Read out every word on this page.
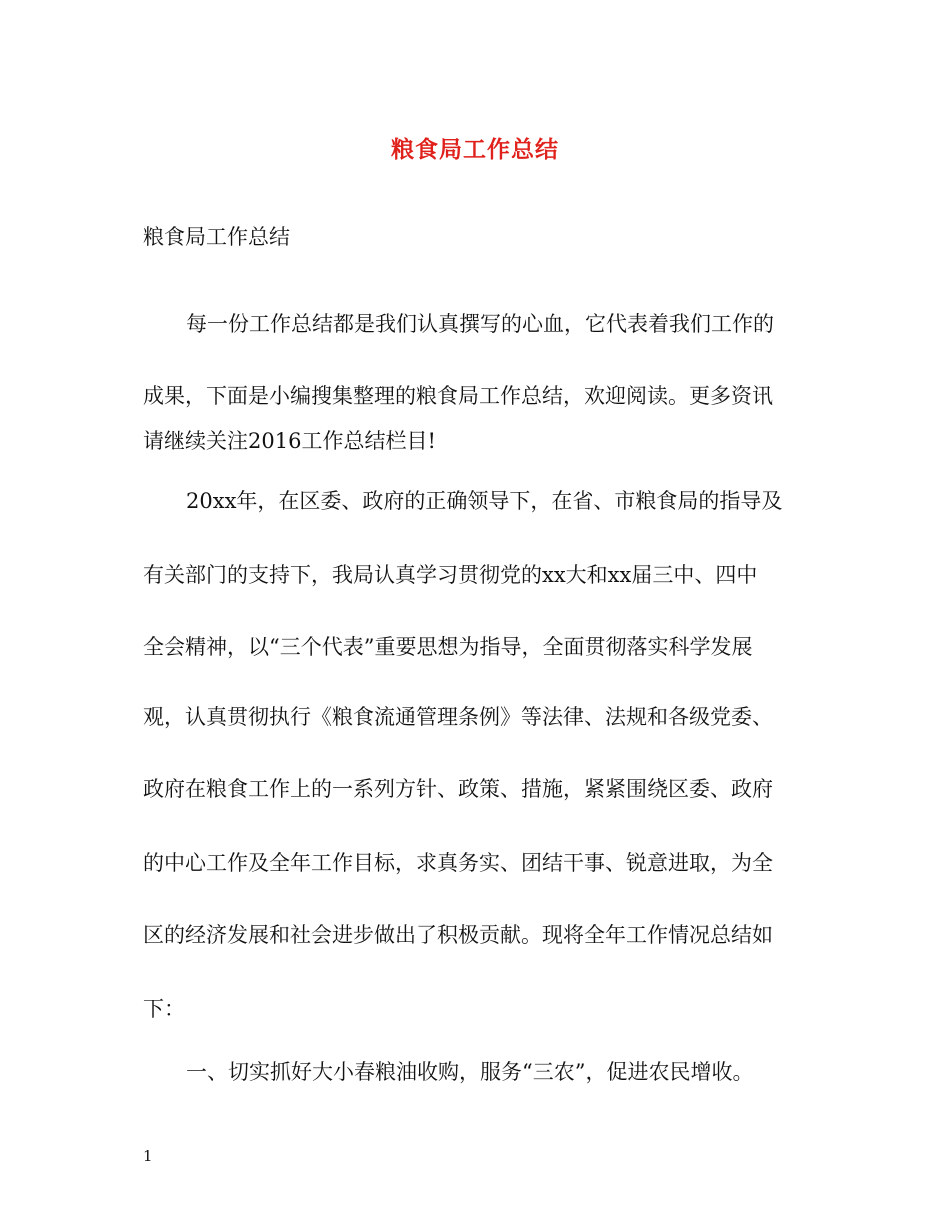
粮食局工作总结
粮食局工作总结
每一份工作总结都是我们认真撰写的心血，它代表着我们工作的
成果，下面是小编搜集整理的粮食局工作总结，欢迎阅读。更多资讯
请继续关注2016工作总结栏目!
20xx年，在区委、政府的正确领导下，在省、市粮食局的指导及
有关部门的支持下，我局认真学习贯彻党的xx大和xx届三中、四中
全会精神，以“三个代表”重要思想为指导，全面贯彻落实科学发展
观，认真贯彻执行《粮食流通管理条例》等法律、法规和各级党委、
政府在粮食工作上的一系列方针、政策、措施，紧紧围绕区委、政府
的中心工作及全年工作目标，求真务实、团结干事、锐意进取，为全
区的经济发展和社会进步做出了积极贡献。现将全年工作情况总结如
下：
一、切实抓好大小春粮油收购，服务“三农”，促进农民增收。
1
